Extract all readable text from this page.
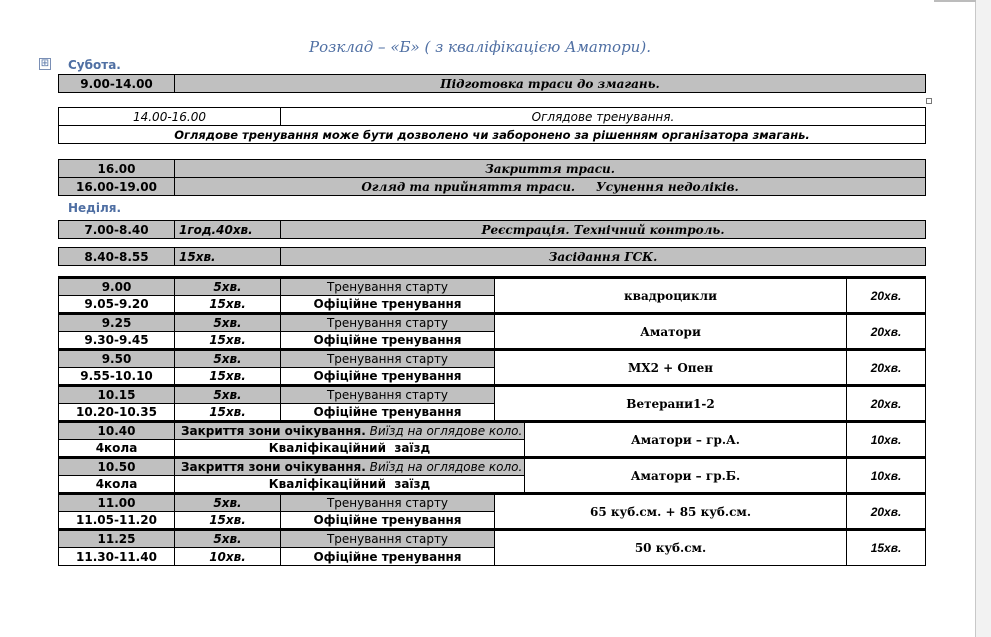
Розклад – «Б» ( з кваліфікацією Аматори).
⊞ Субота.
9.00-14.00	Підготовка траси до змагань.
14.00-16.00	Оглядове тренування.
Оглядове тренування може бути дозволено чи заборонено за рішенням організатора змагань.
16.00	Закриття траси.
16.00-19.00	Огляд та прийняття траси.     Усунення недоліків.
Неділя.
7.00-8.40	1год.40хв.	Реєстрація. Технічний контроль.
8.40-8.55	15хв.	Засідання ГСК.
9.00	5хв.	Тренування старту	квадроцикли		20хв.
9.05-9.20	15хв.	Офіційне тренування			
9.25	5хв.	Тренування старту	Аматори		20хв.
9.30-9.45	15хв.	Офіційне тренування			
9.50	5хв.	Тренування старту	МХ2 + Опен		20хв.
9.55-10.10	15хв.	Офіційне тренування			
10.15	5хв.	Тренування старту	Ветерани1-2		20хв.
10.20-10.35	15хв.	Офіційне тренування			
10.40	Закриття зони очікування. Виїзд на оглядове коло.			Аматори – гр.А.	10хв.
4кола	Кваліфікаційний  заїзд				
10.50	Закриття зони очікування. Виїзд на оглядове коло.			Аматори – гр.Б.	10хв.
4кола	Кваліфікаційний  заїзд				
11.00	5хв.	Тренування старту	65 куб.см. + 85 куб.см.		20хв.
11.05-11.20	15хв.	Офіційне тренування			
11.25	5хв.	Тренування старту	50 куб.см.		15хв.
11.30-11.40	10хв.	Офіційне тренування			
